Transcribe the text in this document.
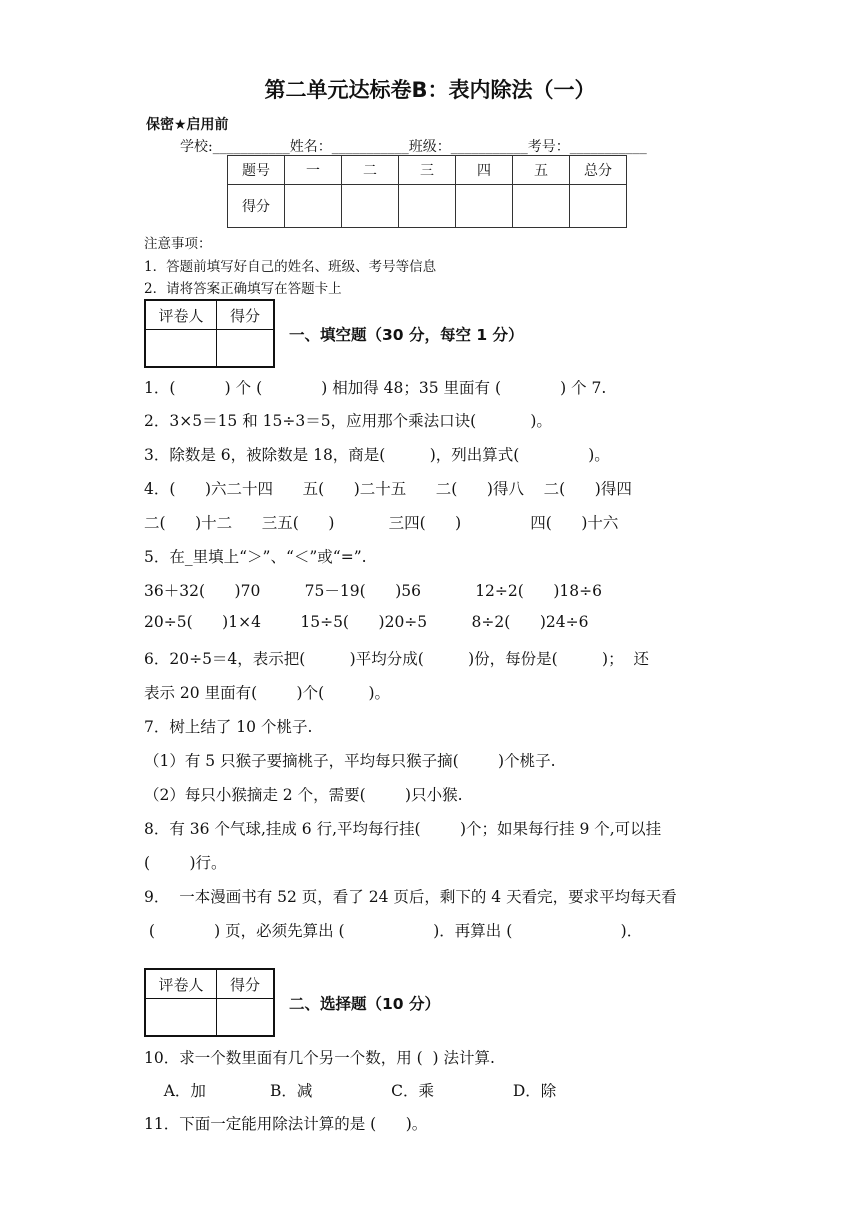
第二单元达标卷B：表内除法（一）
保密★启用前
学校:___________姓名：___________班级：___________考号：___________
题号	一	二	三	四	五	总分
得分						
注意事项：
1．答题前填写好自己的姓名、班级、考号等信息
2．请将答案正确填写在答题卡上
评卷人	得分

一、填空题（30 分，每空 1 分）
1．(          ) 个 (            ) 相加得 48；35 里面有 (            ) 个 7.
2．3×5＝15 和 15÷3＝5，应用那个乘法口诀(           )。
3．除数是 6，被除数是 18，商是(         )，列出算式(              )。
4．(      )六二十四      五(      )二十五      二(      )得八    二(      )得四
二(      )十二      三五(      )           三四(      )              四(      )十六
5．在_里填上“＞”、“＜”或“=”.
36＋32(      )70         75－19(      )56           12÷2(      )18÷6
20÷5(      )1×4        15÷5(      )20÷5         8÷2(      )24÷6
6．20÷5＝4，表示把(         )平均分成(         )份，每份是(         )；  还
表示 20 里面有(        )个(         )。
7．树上结了 10 个桃子.
（1）有 5 只猴子要摘桃子，平均每只猴子摘(        )个桃子.
（2）每只小猴摘走 2 个，需要(        )只小猴.
8．有 36 个气球,挂成 6 行,平均每行挂(        )个；如果每行挂 9 个,可以挂
(        )行。
9．  一本漫画书有 52 页，看了 24 页后，剩下的 4 天看完，要求平均每天看
(            ) 页，必须先算出 (                  )．再算出 (                      )．
评卷人	得分

二、选择题（10 分）
10．求一个数里面有几个另一个数，用 (  ) 法计算.
A．加             B．减                C．乘                D．除
11．下面一定能用除法计算的是 (      )。
